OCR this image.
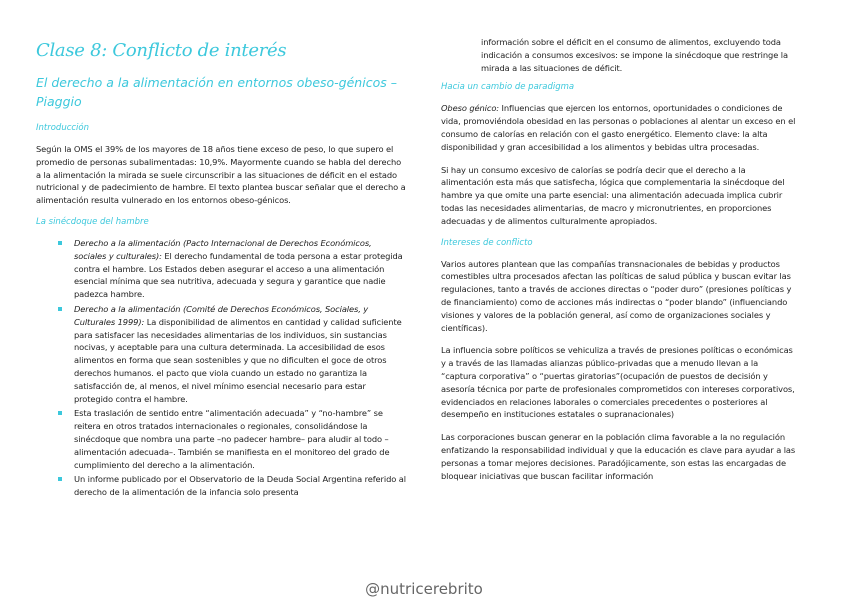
Clase 8: Conflicto de interés
El derecho a la alimentación en entornos obeso-génicos – Piaggio
Introducción

Según la OMS el 39% de los mayores de 18 años tiene exceso de peso, lo que supero el promedio de personas subalimentadas: 10,9%. Mayormente cuando se habla del derecho a la alimentación la mirada se suele circunscribir a las situaciones de déficit en el estado nutricional y de padecimiento de hambre. El texto plantea buscar señalar que el derecho a alimentación resulta vulnerado en los entornos obeso-génicos.

La sinécdoque del hambre
Derecho a la alimentación (Pacto Internacional de Derechos Económicos, sociales y culturales): El derecho fundamental de toda persona a estar protegida contra el hambre. Los Estados deben asegurar el acceso a una alimentación esencial mínima que sea nutritiva, adecuada y segura y garantice que nadie padezca hambre.
Derecho a la alimentación (Comité de Derechos Económicos, Sociales, y Culturales 1999): La disponibilidad de alimentos en cantidad y calidad suficiente para satisfacer las necesidades alimentarias de los individuos, sin sustancias nocivas, y aceptable para una cultura determinada. La accesibilidad de esos alimentos en forma que sean sostenibles y que no dificulten el goce de otros derechos humanos. el pacto que viola cuando un estado no garantiza la satisfacción de, al menos, el nivel mínimo esencial necesario para estar protegido contra el hambre.
Esta traslación de sentido entre “alimentación adecuada” y “no-hambre” se reitera en otros tratados internacionales o regionales, consolidándose la sinécdoque que nombra una parte –no padecer hambre– para aludir al todo –alimentación adecuada–. También se manifiesta en el monitoreo del grado de cumplimiento del derecho a la alimentación.
Un informe publicado por el Observatorio de la Deuda Social Argentina referido al derecho de la alimentación de la infancia solo presenta
información sobre el déficit en el consumo de alimentos, excluyendo toda indicación a consumos excesivos: se impone la sinécdoque que restringe la mirada a las situaciones de déficit.
Hacia un cambio de paradigma

Obeso génico: Influencias que ejercen los entornos, oportunidades o condiciones de vida, promoviéndola obesidad en las personas o poblaciones al alentar un exceso en el consumo de calorías en relación con el gasto energético. Elemento clave: la alta disponibilidad y gran accesibilidad a los alimentos y bebidas ultra procesadas.

Si hay un consumo excesivo de calorías se podría decir que el derecho a la alimentación esta más que satisfecha, lógica que complementaria la sinécdoque del hambre ya que omite una parte esencial: una alimentación adecuada implica cubrir todas las necesidades alimentarias, de macro y micronutrientes, en proporciones adecuadas y de alimentos culturalmente apropiados.

Intereses de conflicto

Varios autores plantean que las compañías transnacionales de bebidas y productos comestibles ultra procesados afectan las políticas de salud pública y buscan evitar las regulaciones, tanto a través de acciones directas o “poder duro” (presiones políticas y de financiamiento) como de acciones más indirectas o “poder blando” (influenciando visiones y valores de la población general, así como de organizaciones sociales y científicas).

La influencia sobre políticos se vehiculiza a través de presiones políticas o económicas y a través de las llamadas alianzas público-privadas que a menudo llevan a la “captura corporativa” o “puertas giratorias”(ocupación de puestos de decisión y asesoría técnica por parte de profesionales comprometidos con intereses corporativos, evidenciados en relaciones laborales o comerciales precedentes o posteriores al desempeño en instituciones estatales o supranacionales)

Las corporaciones buscan generar en la población clima favorable a la no regulación enfatizando la responsabilidad individual y que la educación es clave para ayudar a las personas a tomar mejores decisiones. Paradójicamente, son estas las encargadas de bloquear iniciativas que buscan facilitar información

@nutricerebrito
